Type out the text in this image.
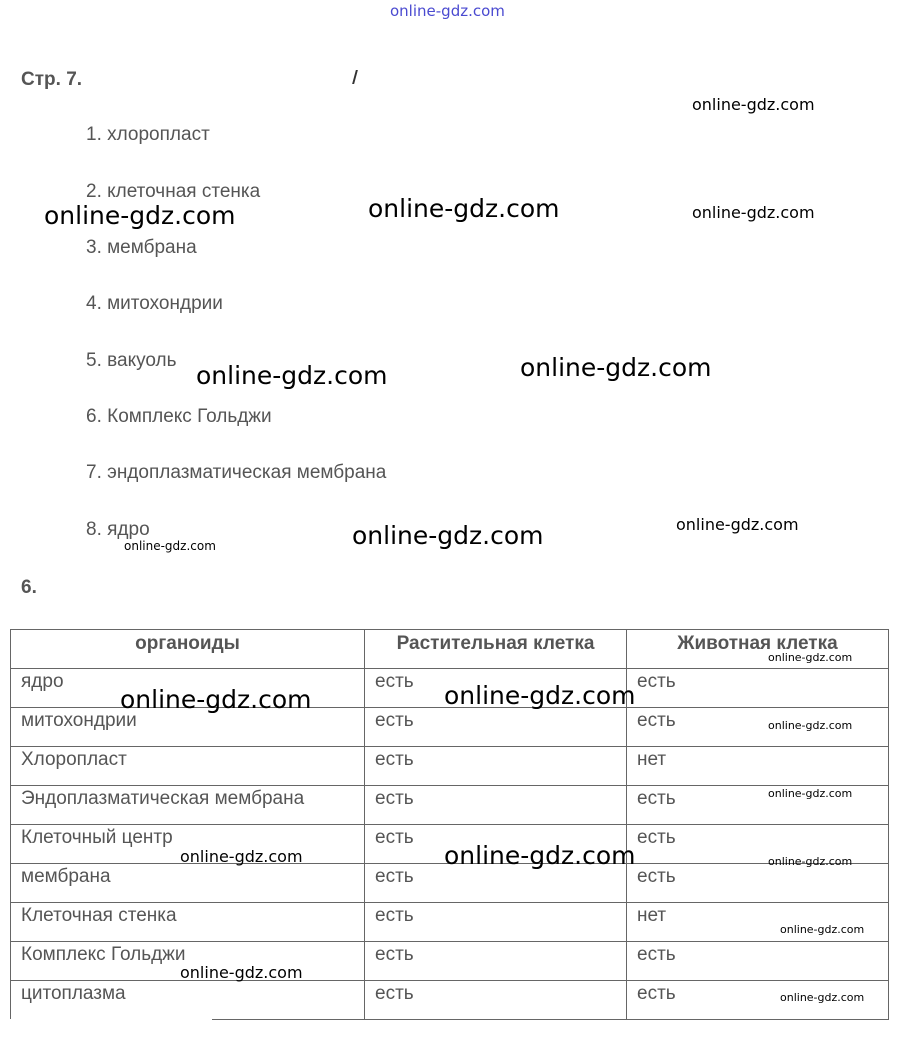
online-gdz.com
Стр. 7.
1. хлоропласт
2. клеточная стенка
3. мембрана
4. митохондрии
5. вакуоль
6. Комплекс Гольджи
7. эндоплазматическая мембрана
8. ядро
6.
органоиды	Растительная клетка	Животная клетка
ядро	есть	есть
митохондрии	есть	есть
Хлоропласт	есть	нет
Эндоплазматическая мембрана	есть	есть
Клеточный центр	есть	есть
мембрана	есть	есть
Клеточная стенка	есть	нет
Комплекс Гольджи	есть	есть
цитоплазма	есть	есть
online-gdz.com
online-gdz.com	online-gdz.com	online-gdz.com
online-gdz.com	online-gdz.com
online-gdz.com
online-gdz.com	online-gdz.com
online-gdz.com
online-gdz.com	online-gdz.com
online-gdz.com
online-gdz.com
online-gdz.com	online-gdz.com	online-gdz.com
online-gdz.com
online-gdz.com
online-gdz.com
